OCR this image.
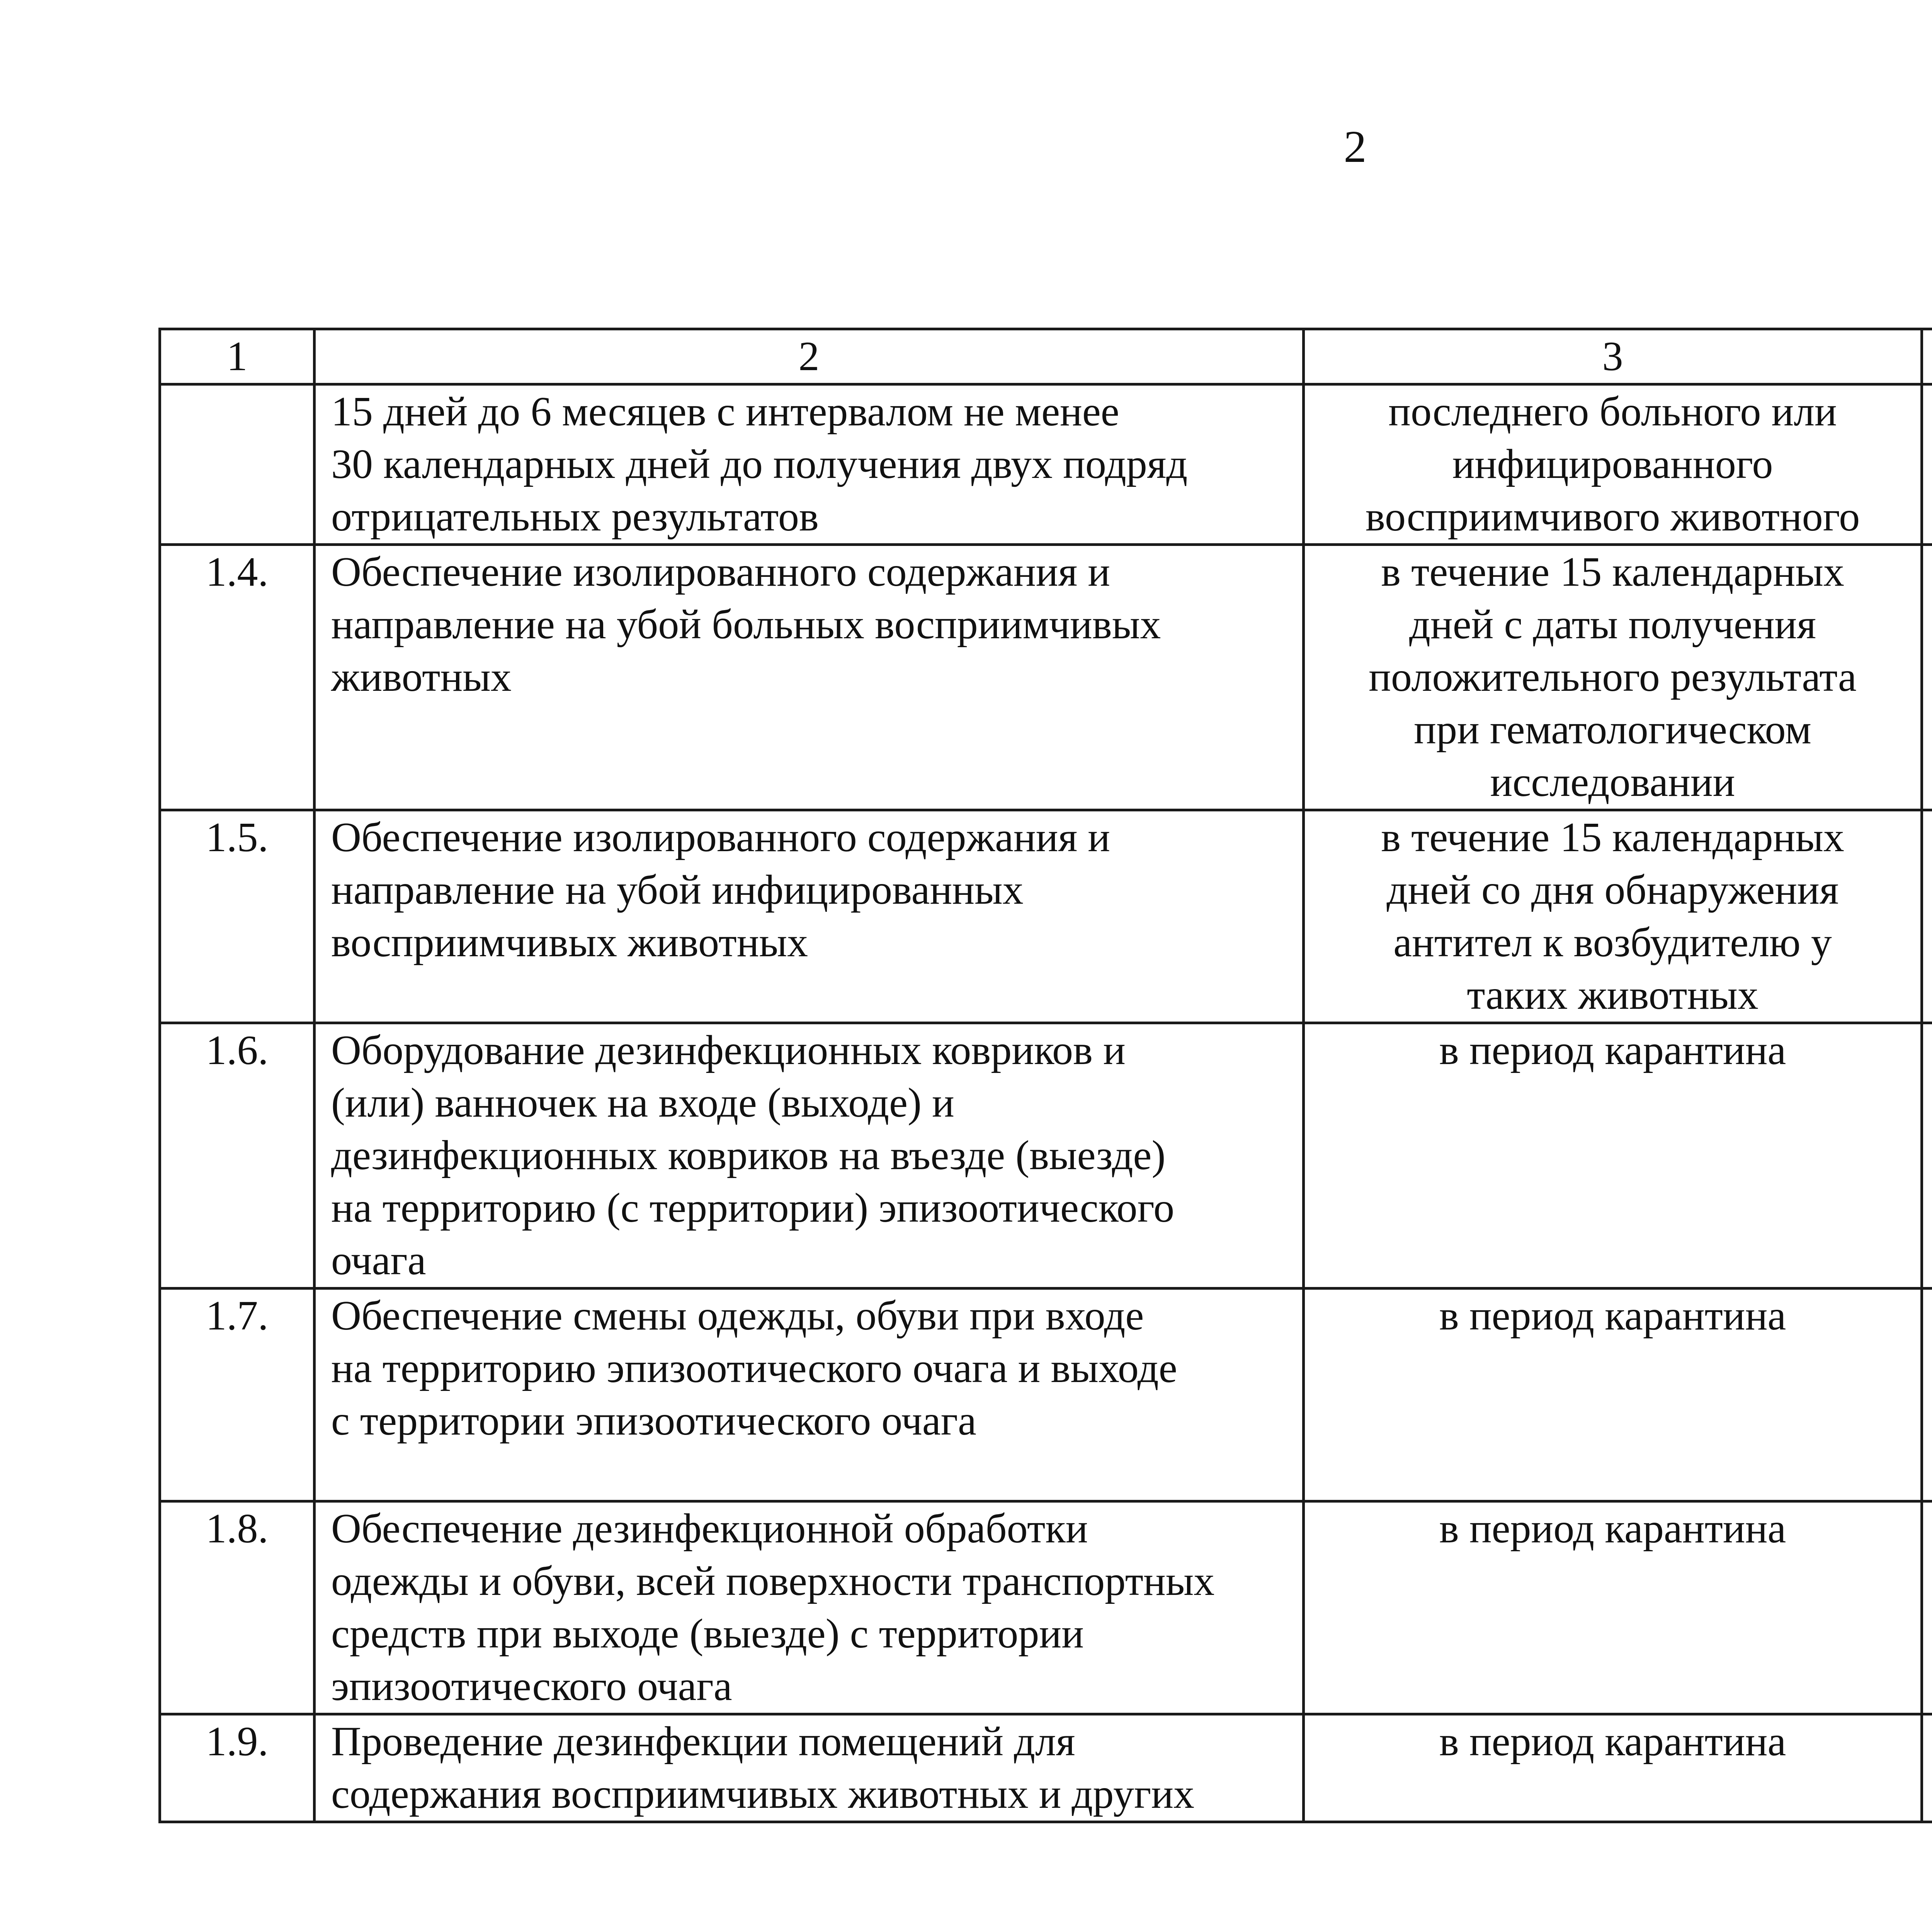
2
1	2	3	

	15 дней до 6 месяцев с интервалом не менее
30 календарных дней до получения двух подряд
отрицательных результатов	последнего больного или
инфицированного
восприимчивого животного	

1.4.	Обеспечение изолированного содержания и
направление на убой больных восприимчивых
животных	в течение 15 календарных
дней с даты получения
положительного результата
при гематологическом
исследовании

1.5.	Обеспечение изолированного содержания и
направление на убой инфицированных
восприимчивых животных	в течение 15 календарных
дней со дня обнаружения
антител к возбудителю у
таких животных

1.6.	Оборудование дезинфекционных ковриков и
(или) ванночек на входе (выходе) и
дезинфекционных ковриков на въезде (выезде)
на территорию (с территории) эпизоотического
очага	в период карантина

1.7.	Обеспечение смены одежды, обуви при входе
на территорию эпизоотического очага и выходе
с территории эпизоотического очага	в период карантина

1.8.	Обеспечение дезинфекционной обработки
одежды и обуви, всей поверхности транспортных
средств при выходе (выезде) с территории
эпизоотического очага	в период карантина

1.9.	Проведение дезинфекции помещений для
содержания восприимчивых животных и других	в период карантина
